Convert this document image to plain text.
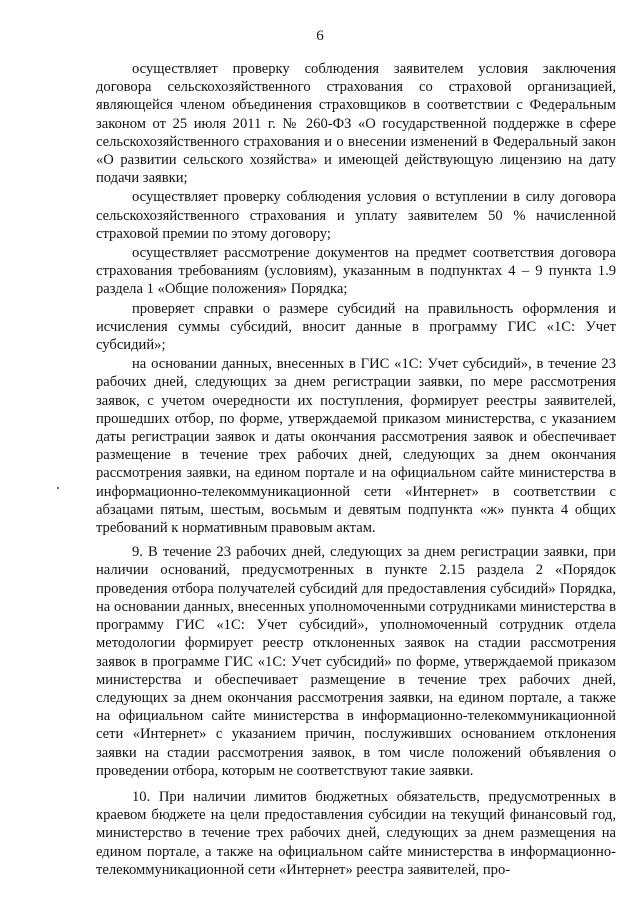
6

осуществляет проверку соблюдения заявителем условия заключения договора сельскохозяйственного страхования со страховой организацией, являющейся членом объединения страховщиков в соответствии с Федеральным законом от 25 июля 2011 г. № 260-ФЗ «О государственной поддержке в сфере сельскохозяйственного страхования и о внесении изменений в Федеральный закон «О развитии сельского хозяйства» и имеющей действующую лицензию на дату подачи заявки;

осуществляет проверку соблюдения условия о вступлении в силу договора сельскохозяйственного страхования и уплату заявителем 50 % начисленной страховой премии по этому договору;

осуществляет рассмотрение документов на предмет соответствия договора страхования требованиям (условиям), указанным в подпунктах 4 – 9 пункта 1.9 раздела 1 «Общие положения» Порядка;

проверяет справки о размере субсидий на правильность оформления и исчисления суммы субсидий, вносит данные в программу ГИС «1С: Учет субсидий»;

на основании данных, внесенных в ГИС «1С: Учет субсидий», в течение 23 рабочих дней, следующих за днем регистрации заявки, по мере рассмотрения заявок, с учетом очередности их поступления, формирует реестры заявителей, прошедших отбор, по форме, утверждаемой приказом министерства, с указанием даты регистрации заявок и даты окончания рассмотрения заявок и обеспечивает размещение в течение трех рабочих дней, следующих за днем окончания рассмотрения заявки, на едином портале и на официальном сайте министерства в информационно-телекоммуникационной сети «Интернет» в соответствии с абзацами пятым, шестым, восьмым и девятым подпункта «ж» пункта 4 общих требований к нормативным правовым актам.

9. В течение 23 рабочих дней, следующих за днем регистрации заявки, при наличии оснований, предусмотренных в пункте 2.15 раздела 2 «Порядок проведения отбора получателей субсидий для предоставления субсидий» Порядка, на основании данных, внесенных уполномоченными сотрудниками министерства в программу ГИС «1С: Учет субсидий», уполномоченный сотрудник отдела методологии формирует реестр отклоненных заявок на стадии рассмотрения заявок в программе ГИС «1С: Учет субсидий» по форме, утверждаемой приказом министерства и обеспечивает размещение в течение трех рабочих дней, следующих за днем окончания рассмотрения заявки, на едином портале, а также на официальном сайте министерства в информационно-телекоммуникационной сети «Интернет» с указанием причин, послуживших основанием отклонения заявки на стадии рассмотрения заявок, в том числе положений объявления о проведении отбора, которым не соответствуют такие заявки.

10. При наличии лимитов бюджетных обязательств, предусмотренных в краевом бюджете на цели предоставления субсидии на текущий финансовый год, министерство в течение трех рабочих дней, следующих за днем размещения на едином портале, а также на официальном сайте министерства в информационно-телекоммуникационной сети «Интернет» реестра заявителей, про-
